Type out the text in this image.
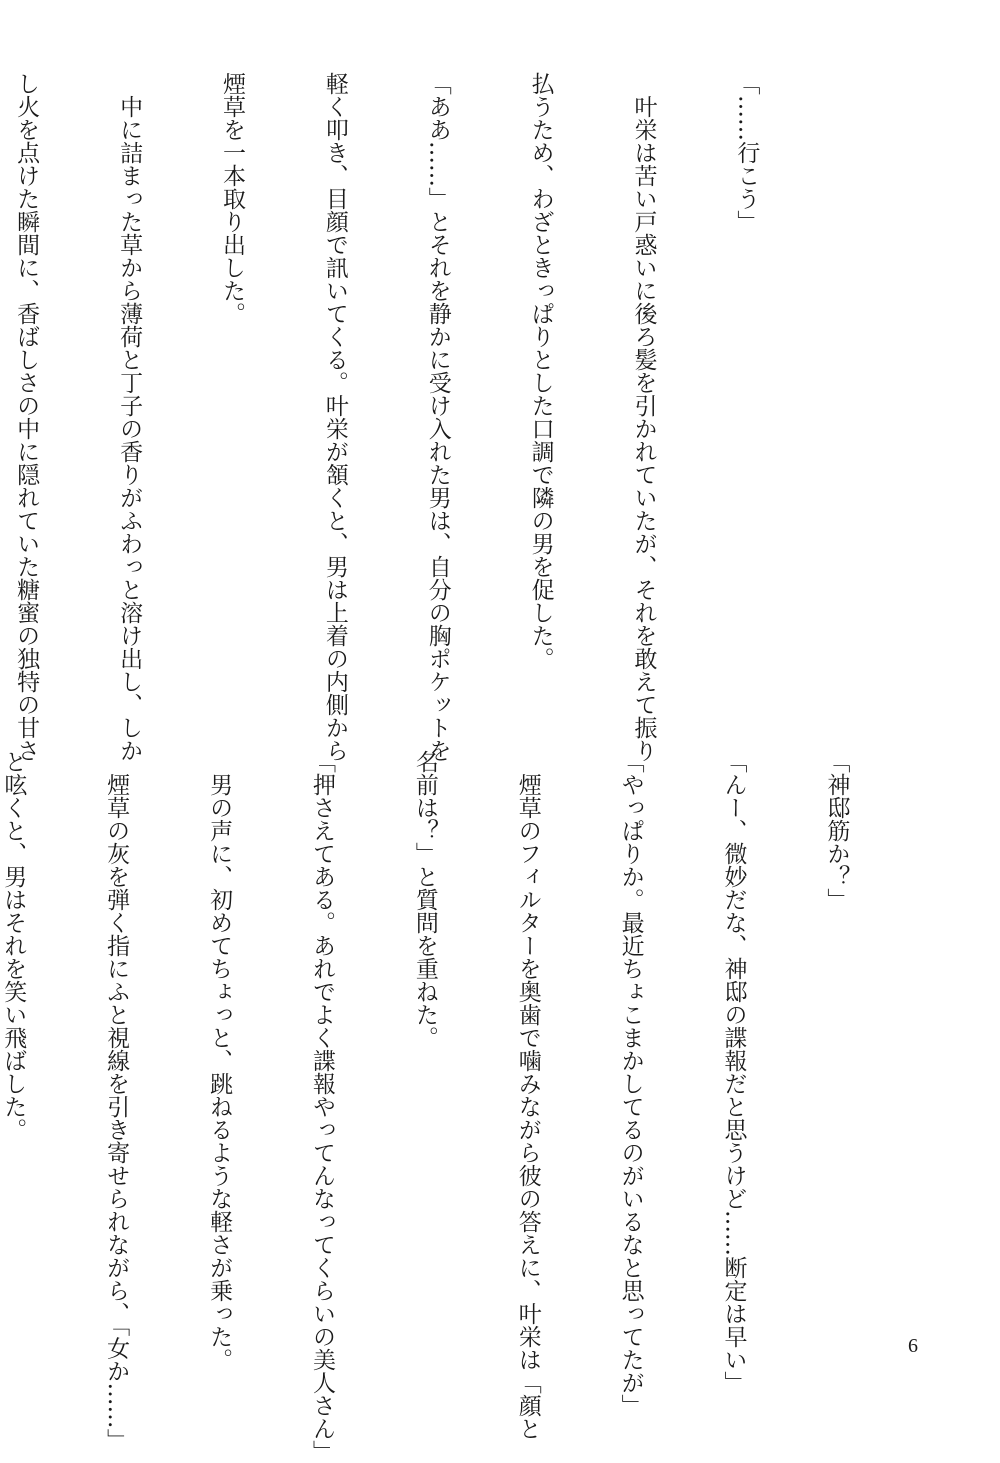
「……行こう」

　叶栄は苦い戸惑いに後ろ髪を引かれていたが、それを敢えて振り

払うため、わざときっぱりとした口調で隣の男を促した。

「ああ……」とそれを静かに受け入れた男は、自分の胸ポケットを

軽く叩き、目顔で訊いてくる。叶栄が頷くと、男は上着の内側から

煙草を一本取り出した。

　中に詰まった草から薄荷と丁子の香りがふわっと溶け出し、しか

し火を点けた瞬間に、香ばしさの中に隠れていた糖蜜の独特の甘さ

「神邸筋か？」

「んー、微妙だな、神邸の諜報だと思うけど……断定は早い」

「やっぱりか。最近ちょこまかしてるのがいるなと思ってたが」

　煙草のフィルターを奥歯で噛みながら彼の答えに、叶栄は「顔と

名前は？」と質問を重ねた。

「押さえてある。あれでよく諜報やってんなってくらいの美人さん」

　男の声に、初めてちょっと、跳ねるような軽さが乗った。

　煙草の灰を弾く指にふと視線を引き寄せられながら、「女か……」

と呟くと、男はそれを笑い飛ばした。

6
